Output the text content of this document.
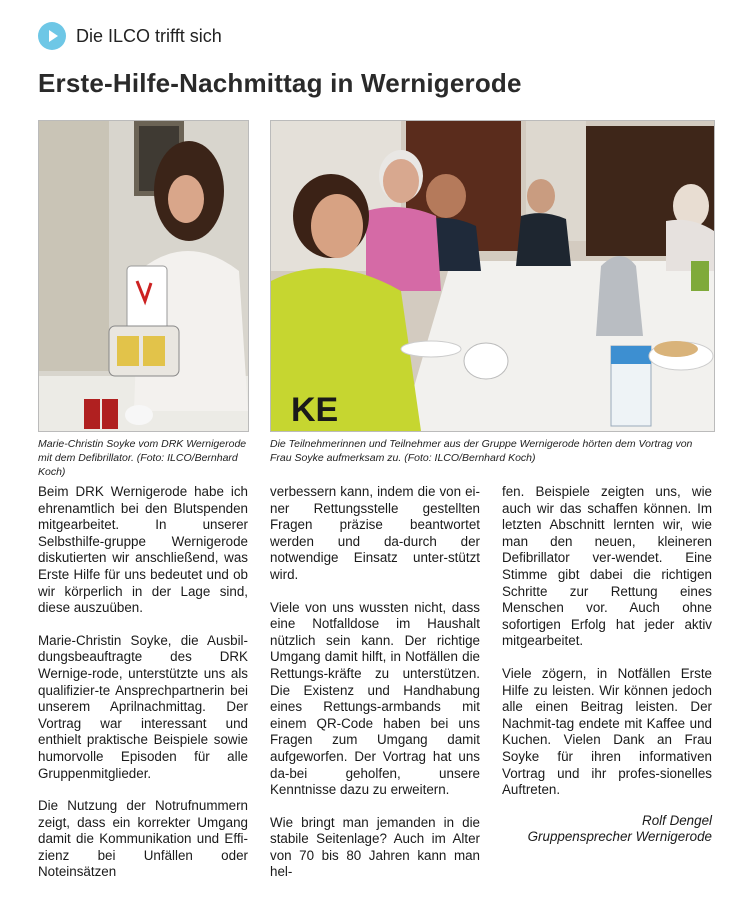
Die ILCO trifft sich
Erste-Hilfe-Nachmittag in Wernigerode
KE
Marie-Christin Soyke vom DRK Wernigerode mit dem Defibrillator. (Foto: ILCO/Bernhard Koch)
Die Teilnehmerinnen und Teilnehmer aus der Gruppe Wernigerode hörten dem Vortrag von Frau Soyke aufmerksam zu. (Foto: ILCO/Bernhard Koch)

Beim DRK Wernigerode habe ich ehrenamtlich bei den Blutspenden mitgearbeitet. In unserer Selbsthilfe-gruppe Wernigerode diskutierten wir anschließend, was Erste Hilfe für uns bedeutet und ob wir körperlich in der Lage sind, diese auszuüben.

Marie-Christin Soyke, die Ausbil-dungsbeauftragte des DRK Wernige-rode, unterstützte uns als qualifizier-te Ansprechpartnerin bei unserem Aprilnachmittag. Der Vortrag war interessant und enthielt praktische Beispiele sowie humorvolle Episoden für alle Gruppenmitglieder.

Die Nutzung der Notrufnummern zeigt, dass ein korrekter Umgang damit die Kommunikation und Effi-zienz bei Unfällen oder Noteinsätzen

verbessern kann, indem die von ei-ner Rettungsstelle gestellten Fragen präzise beantwortet werden und da-durch der notwendige Einsatz unter-stützt wird.

Viele von uns wussten nicht, dass eine Notfalldose im Haushalt nützlich sein kann. Der richtige Umgang damit hilft, in Notfällen die Rettungs-kräfte zu unterstützen. Die Existenz und Handhabung eines Rettungs-armbands mit einem QR-Code haben bei uns Fragen zum Umgang damit aufgeworfen. Der Vortrag hat uns da-bei geholfen, unsere Kenntnisse dazu zu erweitern.

Wie bringt man jemanden in die stabile Seitenlage? Auch im Alter von 70 bis 80 Jahren kann man hel-

fen. Beispiele zeigten uns, wie auch wir das schaffen können. Im letzten Abschnitt lernten wir, wie man den neuen, kleineren Defibrillator ver-wendet. Eine Stimme gibt dabei die richtigen Schritte zur Rettung eines Menschen vor. Auch ohne sofortigen Erfolg hat jeder aktiv mitgearbeitet.

Viele zögern, in Notfällen Erste Hilfe zu leisten. Wir können jedoch alle einen Beitrag leisten. Der Nachmit-tag endete mit Kaffee und Kuchen. Vielen Dank an Frau Soyke für ihren informativen Vortrag und ihr profes-sionelles Auftreten.

Rolf Dengel
Gruppensprecher Wernigerode
